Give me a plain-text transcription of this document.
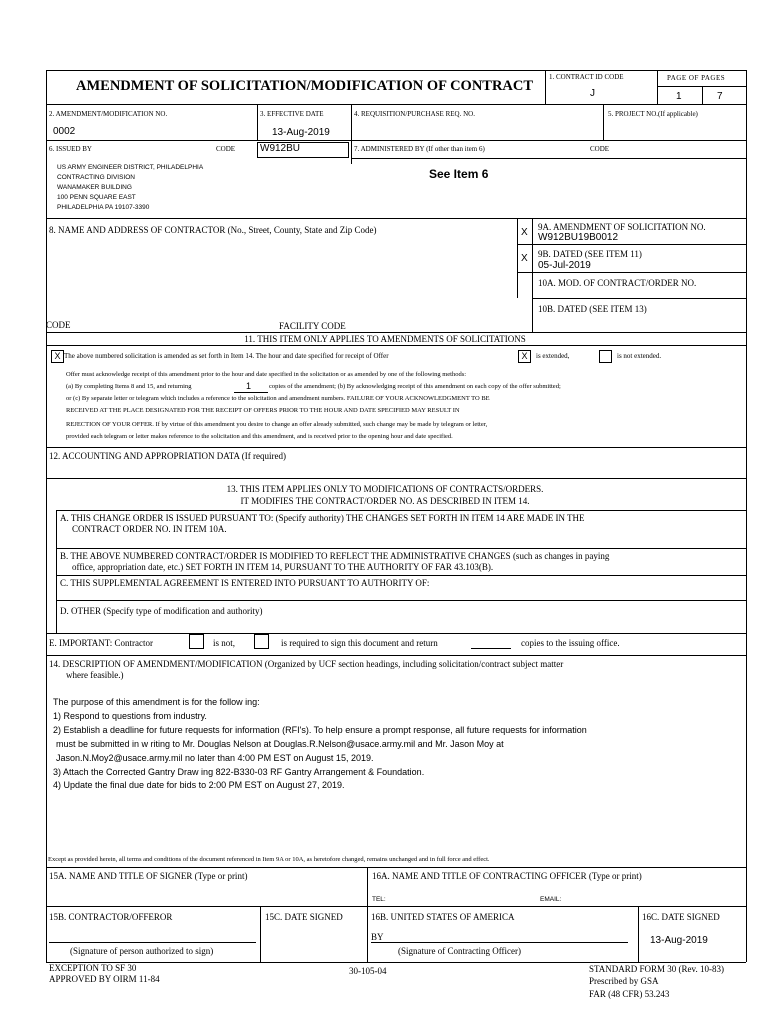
AMENDMENT OF SOLICITATION/MODIFICATION OF CONTRACT
1. CONTRACT ID CODE
J
PAGE OF PAGES
1	7
2. AMENDMENT/MODIFICATION NO.
0002
3. EFFECTIVE DATE
13-Aug-2019
4. REQUISITION/PURCHASE REQ. NO.	5. PROJECT NO.(If applicable)
6. ISSUED BY	CODE W912BU	7. ADMINISTERED BY (If other than item 6)	CODE
US ARMY ENGINEER DISTRICT, PHILADELPHIA
CONTRACTING DIVISION
WANAMAKER BUILDING
100 PENN SQUARE EAST
PHILADELPHIA PA 19107-3390
See Item 6
8. NAME AND ADDRESS OF CONTRACTOR (No., Street, County, State and Zip Code)
CODE	FACILITY CODE
X 9A. AMENDMENT OF SOLICITATION NO.
W912BU19B0012
X 9B. DATED (SEE ITEM 11)
05-Jul-2019
10A. MOD. OF CONTRACT/ORDER NO.
10B. DATED (SEE ITEM 13)
11. THIS ITEM ONLY APPLIES TO AMENDMENTS OF SOLICITATIONS
X The above numbered solicitation is amended as set forth in Item 14. The hour and date specified for receipt of Offer	X	is extended,	is not extended.
Offer must acknowledge receipt of this amendment prior to the hour and date specified in the solicitation or as amended by one of the following methods:
(a) By completing Items 8 and 15, and returning	1	copies of the amendment; (b) By acknowledging receipt of this amendment on each copy of the offer submitted;
or (c) By separate letter or telegram which includes a reference to the solicitation and amendment numbers. FAILURE OF YOUR ACKNOWLEDGMENT TO BE
RECEIVED AT THE PLACE DESIGNATED FOR THE RECEIPT OF OFFERS PRIOR TO THE HOUR AND DATE SPECIFIED MAY RESULT IN
REJECTION OF YOUR OFFER. If by virtue of this amendment you desire to change an offer already submitted, such change may be made by telegram or letter,
provided each telegram or letter makes reference to the solicitation and this amendment, and is received prior to the opening hour and date specified.
12. ACCOUNTING AND APPROPRIATION DATA (If required)
13. THIS ITEM APPLIES ONLY TO MODIFICATIONS OF CONTRACTS/ORDERS.
IT MODIFIES THE CONTRACT/ORDER NO. AS DESCRIBED IN ITEM 14.
A. THIS CHANGE ORDER IS ISSUED PURSUANT TO: (Specify authority) THE CHANGES SET FORTH IN ITEM 14 ARE MADE IN THE
CONTRACT ORDER NO. IN ITEM 10A.
B. THE ABOVE NUMBERED CONTRACT/ORDER IS MODIFIED TO REFLECT THE ADMINISTRATIVE CHANGES (such as changes in paying
office, appropriation date, etc.) SET FORTH IN ITEM 14, PURSUANT TO THE AUTHORITY OF FAR 43.103(B).
C. THIS SUPPLEMENTAL AGREEMENT IS ENTERED INTO PURSUANT TO AUTHORITY OF:
D. OTHER (Specify type of modification and authority)
E. IMPORTANT: Contractor	is not,	is required to sign this document and return	copies to the issuing office.
14. DESCRIPTION OF AMENDMENT/MODIFICATION (Organized by UCF section headings, including solicitation/contract subject matter
where feasible.)
The purpose of this amendment is for the follow ing:
1) Respond to questions from industry.
2) Establish a deadline for future requests for information (RFI's). To help ensure a prompt response, all future requests for information
must be submitted in w riting to Mr. Douglas Nelson at Douglas.R.Nelson@usace.army.mil and Mr. Jason Moy at
Jason.N.Moy2@usace.army.mil no later than 4:00 PM EST on August 15, 2019.
3) Attach the Corrected Gantry Draw ing 822-B330-03 RF Gantry Arrangement & Foundation.
4) Update the final due date for bids to 2:00 PM EST on August 27, 2019.
Except as provided herein, all terms and conditions of the document referenced in Item 9A or 10A, as heretofore changed, remains unchanged and in full force and effect.
15A. NAME AND TITLE OF SIGNER (Type or print)	16A. NAME AND TITLE OF CONTRACTING OFFICER (Type or print)
TEL:	EMAIL:
15B. CONTRACTOR/OFFEROR	15C. DATE SIGNED	16B. UNITED STATES OF AMERICA	16C. DATE SIGNED
BY	13-Aug-2019
(Signature of person authorized to sign)	(Signature of Contracting Officer)
EXCEPTION TO SF 30
APPROVED BY OIRM 11-84
30-105-04	STANDARD FORM 30 (Rev. 10-83)
Prescribed by GSA
FAR (48 CFR) 53.243
